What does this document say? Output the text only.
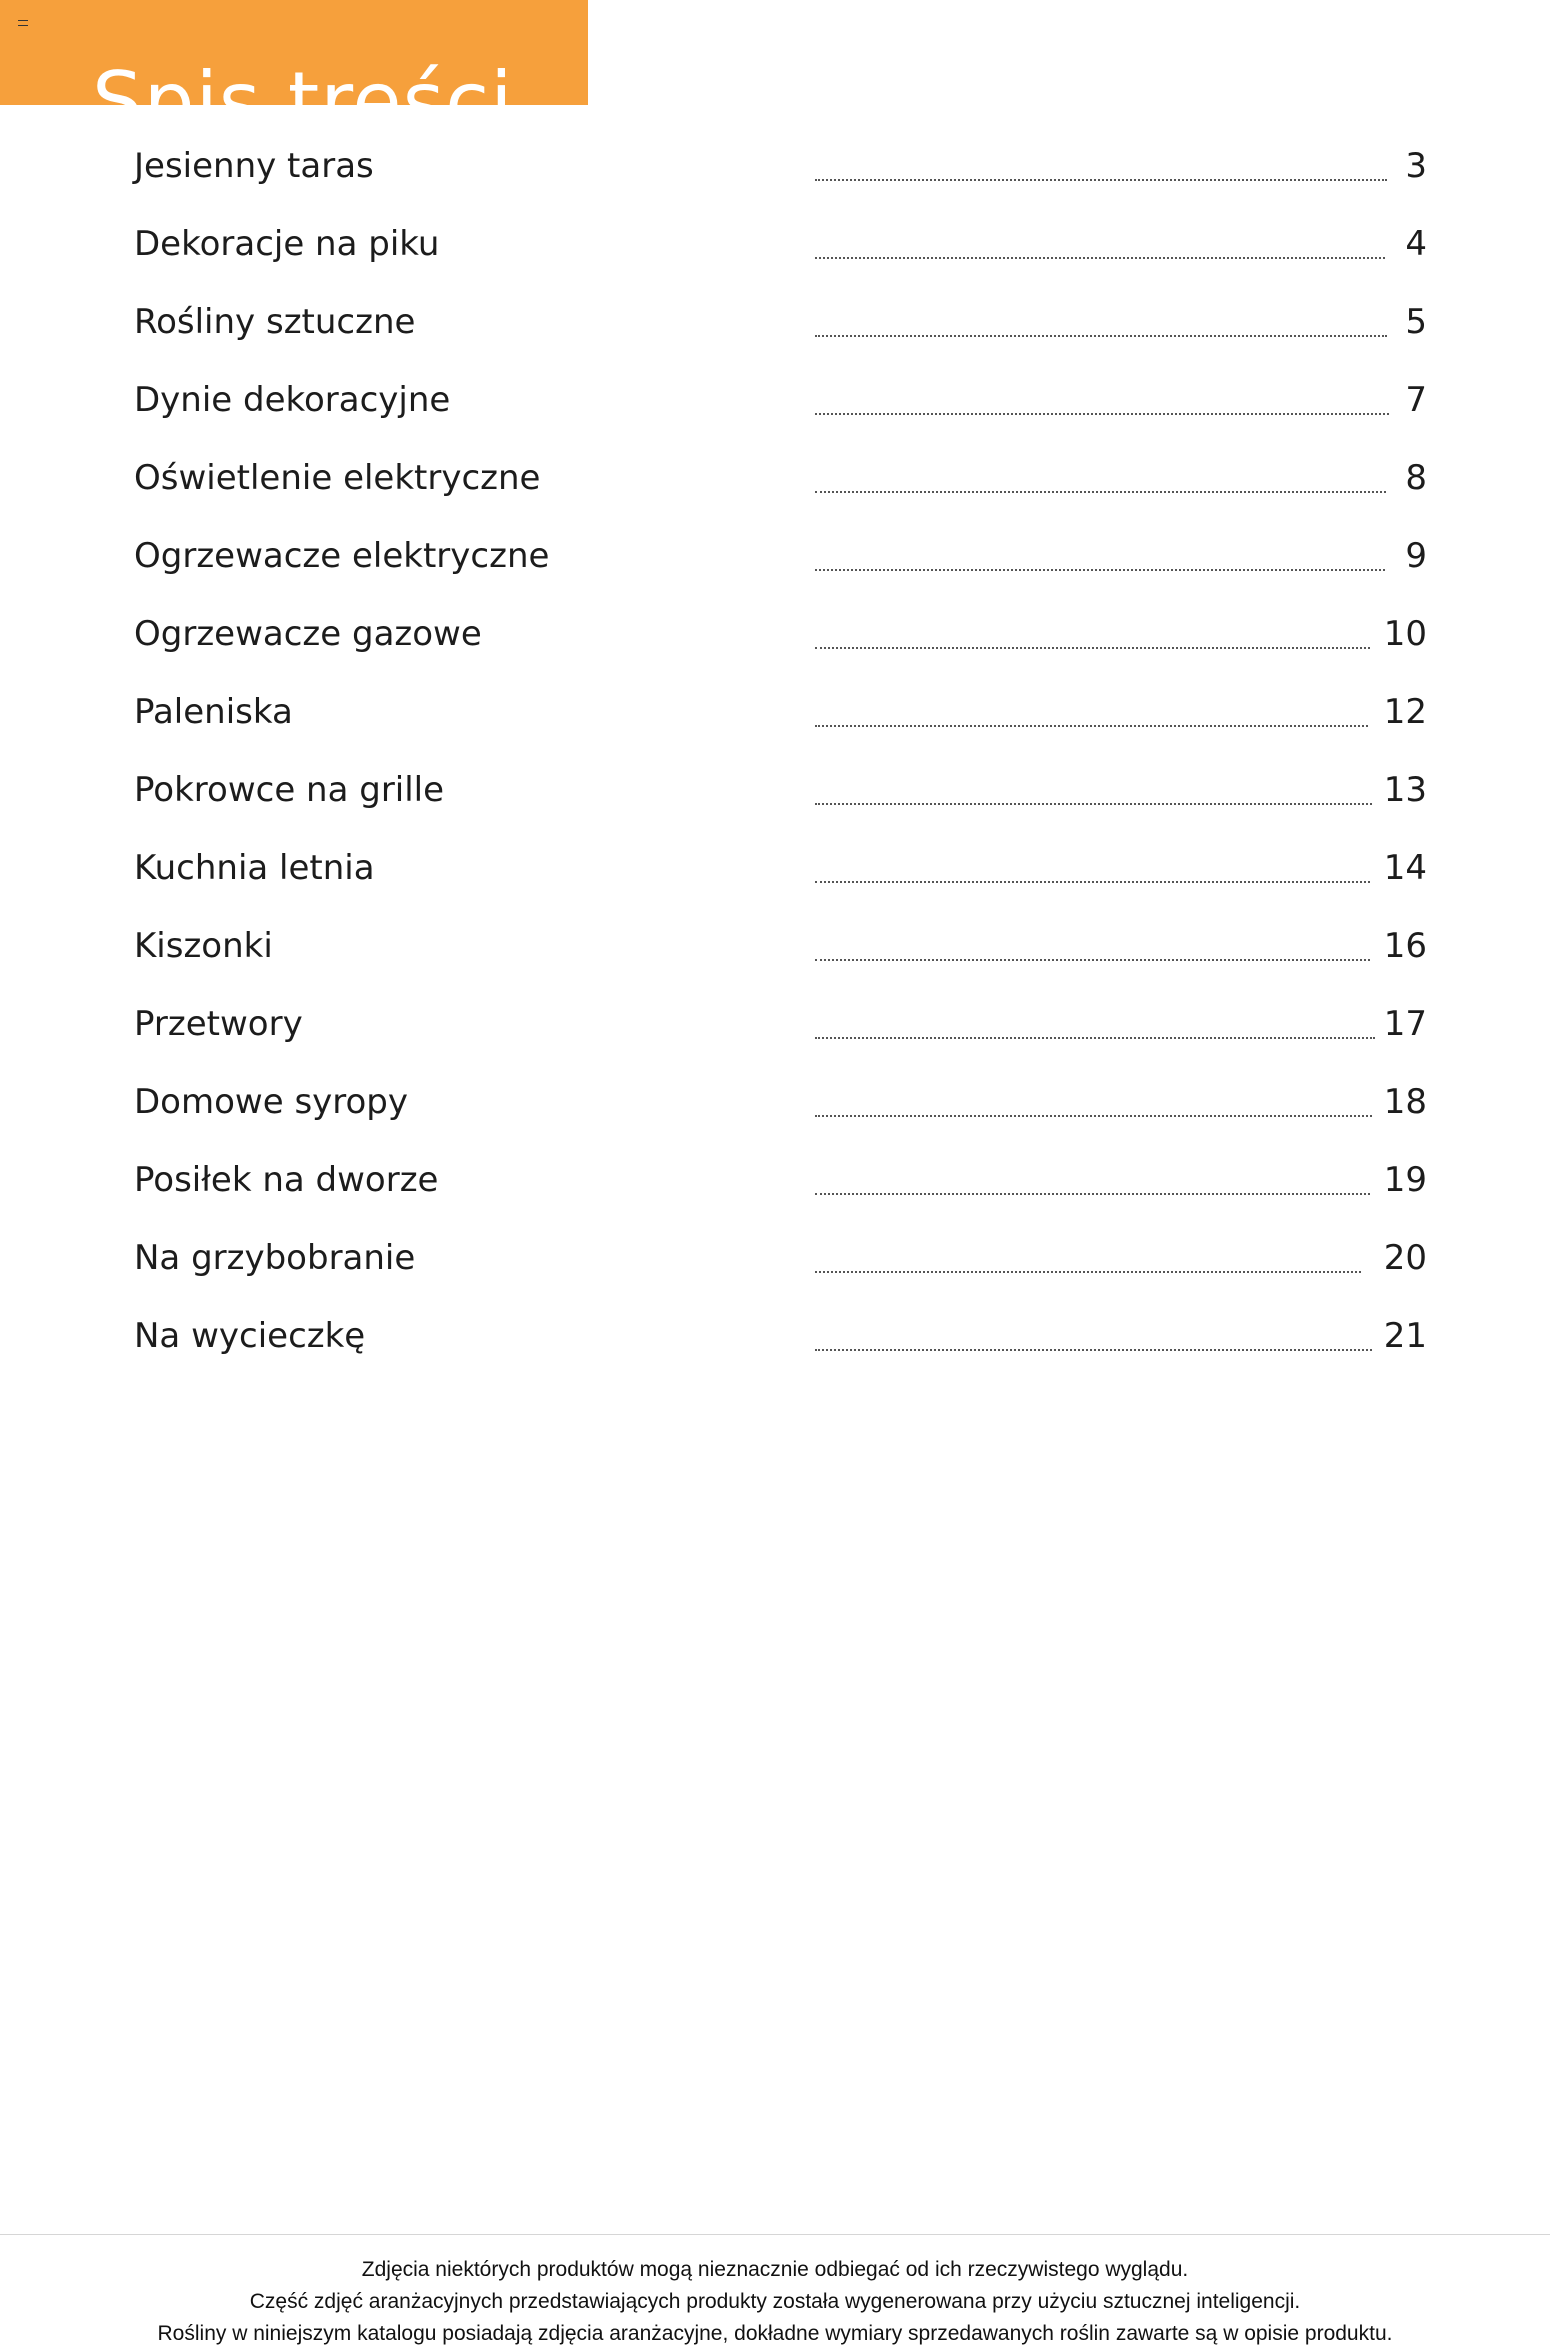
Spis treści
Jesienny taras	3
Dekoracje na piku	4
Rośliny sztuczne	5
Dynie dekoracyjne	7
Oświetlenie elektryczne	8
Ogrzewacze elektryczne	9
Ogrzewacze gazowe	10
Paleniska	12
Pokrowce na grille	13
Kuchnia letnia	14
Kiszonki	16
Przetwory	17
Domowe syropy	18
Posiłek na dworze	19
Na grzybobranie	20
Na wycieczkę	21
Zdjęcia niektórych produktów mogą nieznacznie odbiegać od ich rzeczywistego wyglądu.
Część zdjęć aranżacyjnych przedstawiających produkty została wygenerowana przy użyciu sztucznej inteligencji.
Rośliny w niniejszym katalogu posiadają zdjęcia aranżacyjne, dokładne wymiary sprzedawanych roślin zawarte są w opisie produktu.
